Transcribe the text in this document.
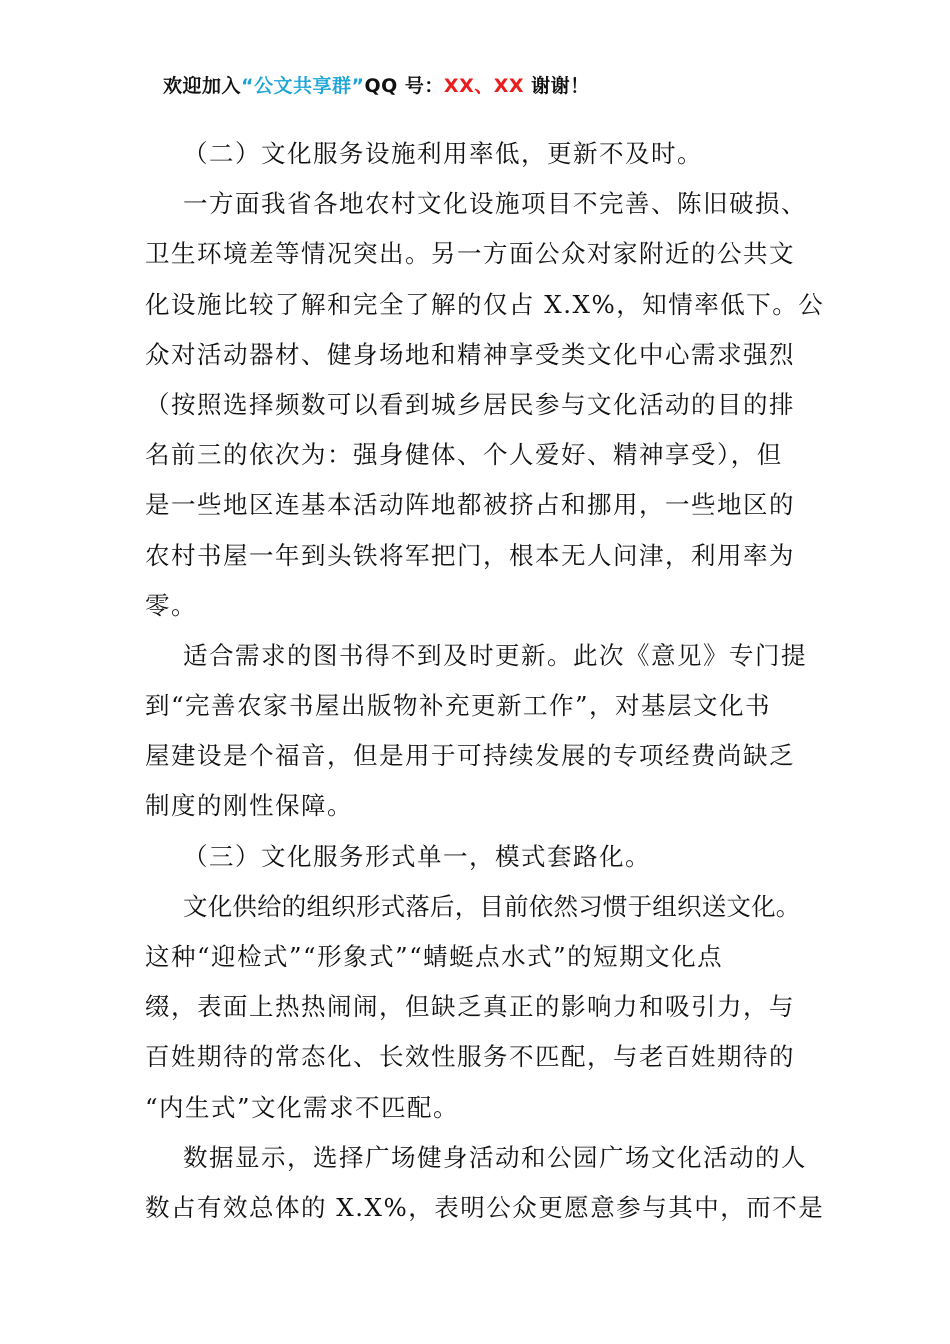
欢迎加入“公文共享群”QQ 号：XX、XX 谢谢！
（二）文化服务设施利用率低，更新不及时。
一方面我省各地农村文化设施项目不完善、陈旧破损、
卫生环境差等情况突出。另一方面公众对家附近的公共文
化设施比较了解和完全了解的仅占 X.X%，知情率低下。公
众对活动器材、健身场地和精神享受类文化中心需求强烈
（按照选择频数可以看到城乡居民参与文化活动的目的排
名前三的依次为：强身健体、个人爱好、精神享受），但
是一些地区连基本活动阵地都被挤占和挪用，一些地区的
农村书屋一年到头铁将军把门，根本无人问津，利用率为
零。
适合需求的图书得不到及时更新。此次《意见》专门提
到“完善农家书屋出版物补充更新工作”，对基层文化书
屋建设是个福音，但是用于可持续发展的专项经费尚缺乏
制度的刚性保障。
（三）文化服务形式单一，模式套路化。
文化供给的组织形式落后，目前依然习惯于组织送文化。
这种“迎检式”“形象式”“蜻蜓点水式”的短期文化点
缀，表面上热热闹闹，但缺乏真正的影响力和吸引力，与
百姓期待的常态化、长效性服务不匹配，与老百姓期待的
“内生式”文化需求不匹配。
数据显示，选择广场健身活动和公园广场文化活动的人
数占有效总体的 X.X%，表明公众更愿意参与其中，而不是
